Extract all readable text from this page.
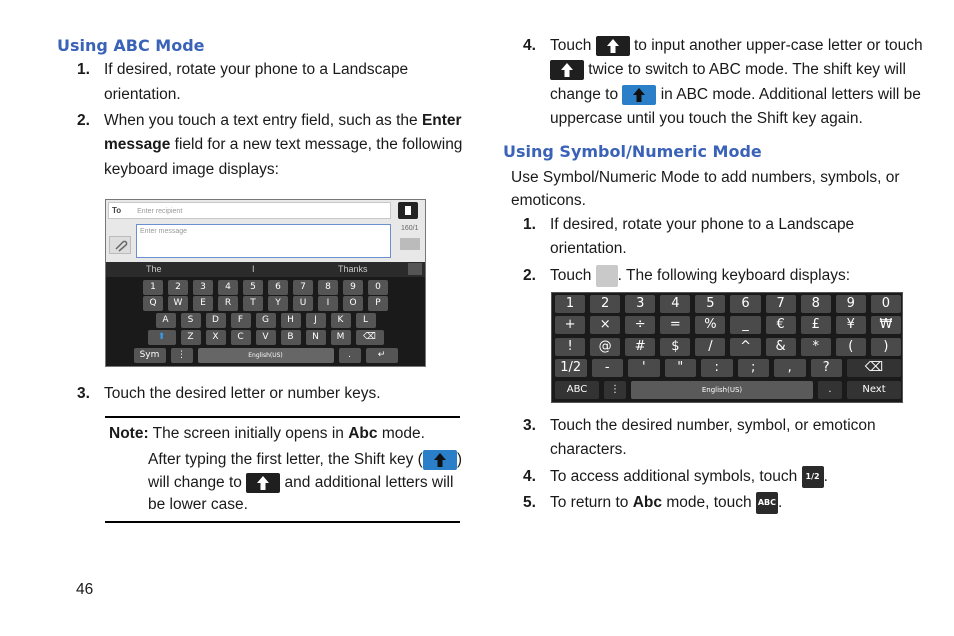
Using ABC Mode
1. If desired, rotate your phone to a Landscape
orientation.
2. When you touch a text entry field, such as the Enter
message field for a new text message, the following
keyboard image displays:
To Enter recipient
Enter message	160/1
The	I	Thanks
1	2	3	4	5	6	7	8	9	0
Q	W	E	R	T	Y	U	I	O	P
A	S	D	F	G	H	J	K	L
⬆	Z	X	C	V	B	N	M	⌫
Sym	⋮	English(US)	.	↵
3. Touch the desired letter or number keys.
Note: The screen initially opens in Abc mode.
After typing the first letter, the Shift key ( )
will change to
and additional letters will
be lower case.
4. Touch
to input another upper-case letter or touch
twice to switch to ABC mode. The shift key will
change to
in ABC mode. Additional letters will be
uppercase until you touch the Shift key again.
Using Symbol/Numeric Mode
Use Symbol/Numeric Mode to add numbers, symbols, or
emoticons.
1. If desired, rotate your phone to a Landscape
orientation.
2. Touch . The following keyboard displays:
1	2	3	4	5	6	7	8	9	0
+	×	÷	=	%	_	€	£	¥	₩
!	@	#	$	/	^	&	*	(	)
1/2	-	'	"	:	;	,	?	⌫
ABC	⋮	English(US)	.	Next
3. Touch the desired number, symbol, or emoticon
characters.
4. To access additional symbols, touch 1/2 .
5. To return to Abc mode, touch ABC .
46
